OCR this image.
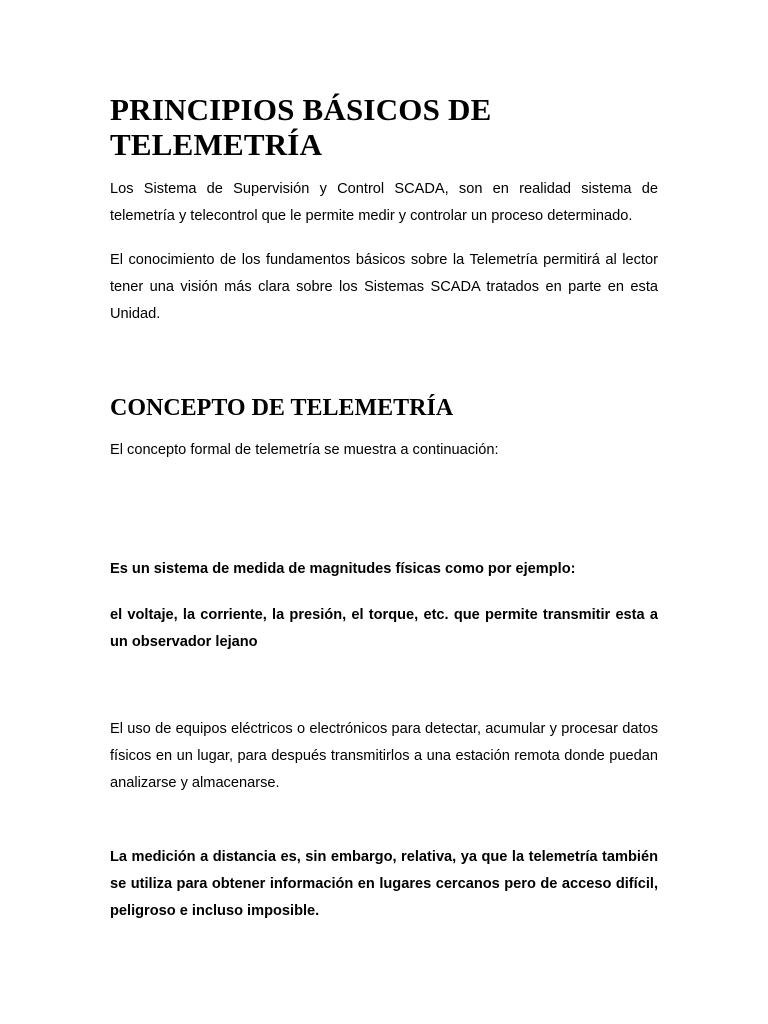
PRINCIPIOS BÁSICOS DE TELEMETRÍA

Los Sistema de Supervisión y Control SCADA, son en realidad sistema de telemetría y telecontrol que le permite medir y controlar un proceso determinado.

El conocimiento de los fundamentos básicos sobre la Telemetría permitirá al lector tener una visión más clara sobre los Sistemas SCADA tratados en parte en esta Unidad.

CONCEPTO DE TELEMETRÍA

El concepto formal de telemetría se muestra a continuación:

Es un sistema de medida de magnitudes físicas como por ejemplo:

el voltaje, la corriente, la presión, el torque, etc. que permite transmitir esta a un observador lejano

El uso de equipos eléctricos o electrónicos para detectar, acumular y procesar datos físicos en un lugar, para después transmitirlos a una estación remota donde puedan analizarse y almacenarse.

La medición a distancia es, sin embargo, relativa, ya que la telemetría también se utiliza para obtener información en lugares cercanos pero de acceso difícil, peligroso e incluso imposible.
